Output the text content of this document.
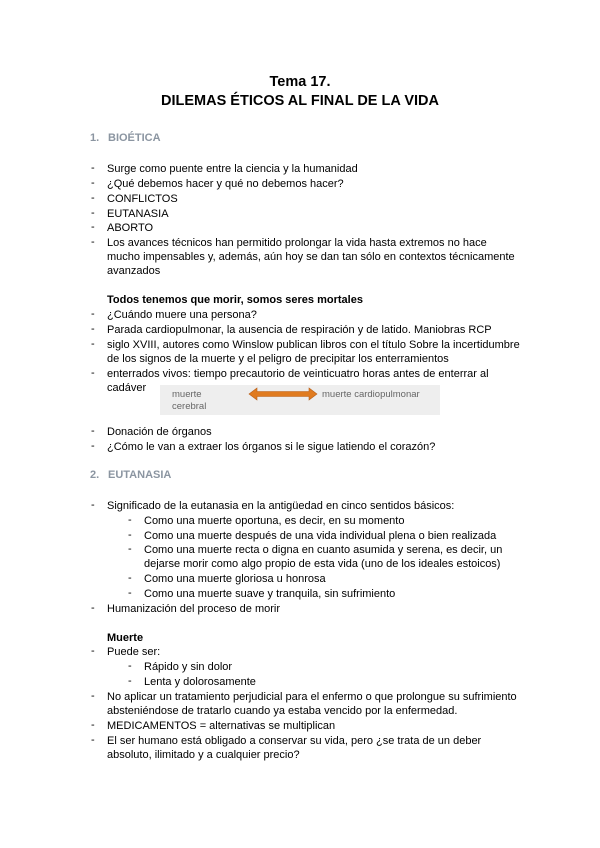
Tema 17.
DILEMAS ÉTICOS AL FINAL DE LA VIDA
1. BIOÉTICA
- Surge como puente entre la ciencia y la humanidad
- ¿Qué debemos hacer y qué no debemos hacer?
- CONFLICTOS
- EUTANASIA
- ABORTO
- Los avances técnicos han permitido prolongar la vida hasta extremos no hace
mucho impensables y, además, aún hoy se dan tan sólo en contextos técnicamente
avanzados
Todos tenemos que morir, somos seres mortales
- ¿Cuándo muere una persona?
- Parada cardiopulmonar, la ausencia de respiración y de latido. Maniobras RCP
- siglo XVIII, autores como Winslow publican libros con el título Sobre la incertidumbre
de los signos de la muerte y el peligro de precipitar los enterramientos
- enterrados vivos: tiempo precautorio de veinticuatro horas antes de enterrar al
cadáver
muerte
cerebral
muerte cardiopulmonar
- Donación de órganos
- ¿Cómo le van a extraer los órganos si le sigue latiendo el corazón?
2. EUTANASIA
- Significado de la eutanasia en la antigüedad en cinco sentidos básicos:
- Como una muerte oportuna, es decir, en su momento
- Como una muerte después de una vida individual plena o bien realizada
- Como una muerte recta o digna en cuanto asumida y serena, es decir, un
dejarse morir como algo propio de esta vida (uno de los ideales estoicos)
- Como una muerte gloriosa u honrosa
- Como una muerte suave y tranquila, sin sufrimiento
- Humanización del proceso de morir
Muerte
- Puede ser:
- Rápido y sin dolor
- Lenta y dolorosamente
- No aplicar un tratamiento perjudicial para el enfermo o que prolongue su sufrimiento
absteniéndose de tratarlo cuando ya estaba vencido por la enfermedad.
- MEDICAMENTOS = alternativas se multiplican
- El ser humano está obligado a conservar su vida, pero ¿se trata de un deber
absoluto, ilimitado y a cualquier precio?
